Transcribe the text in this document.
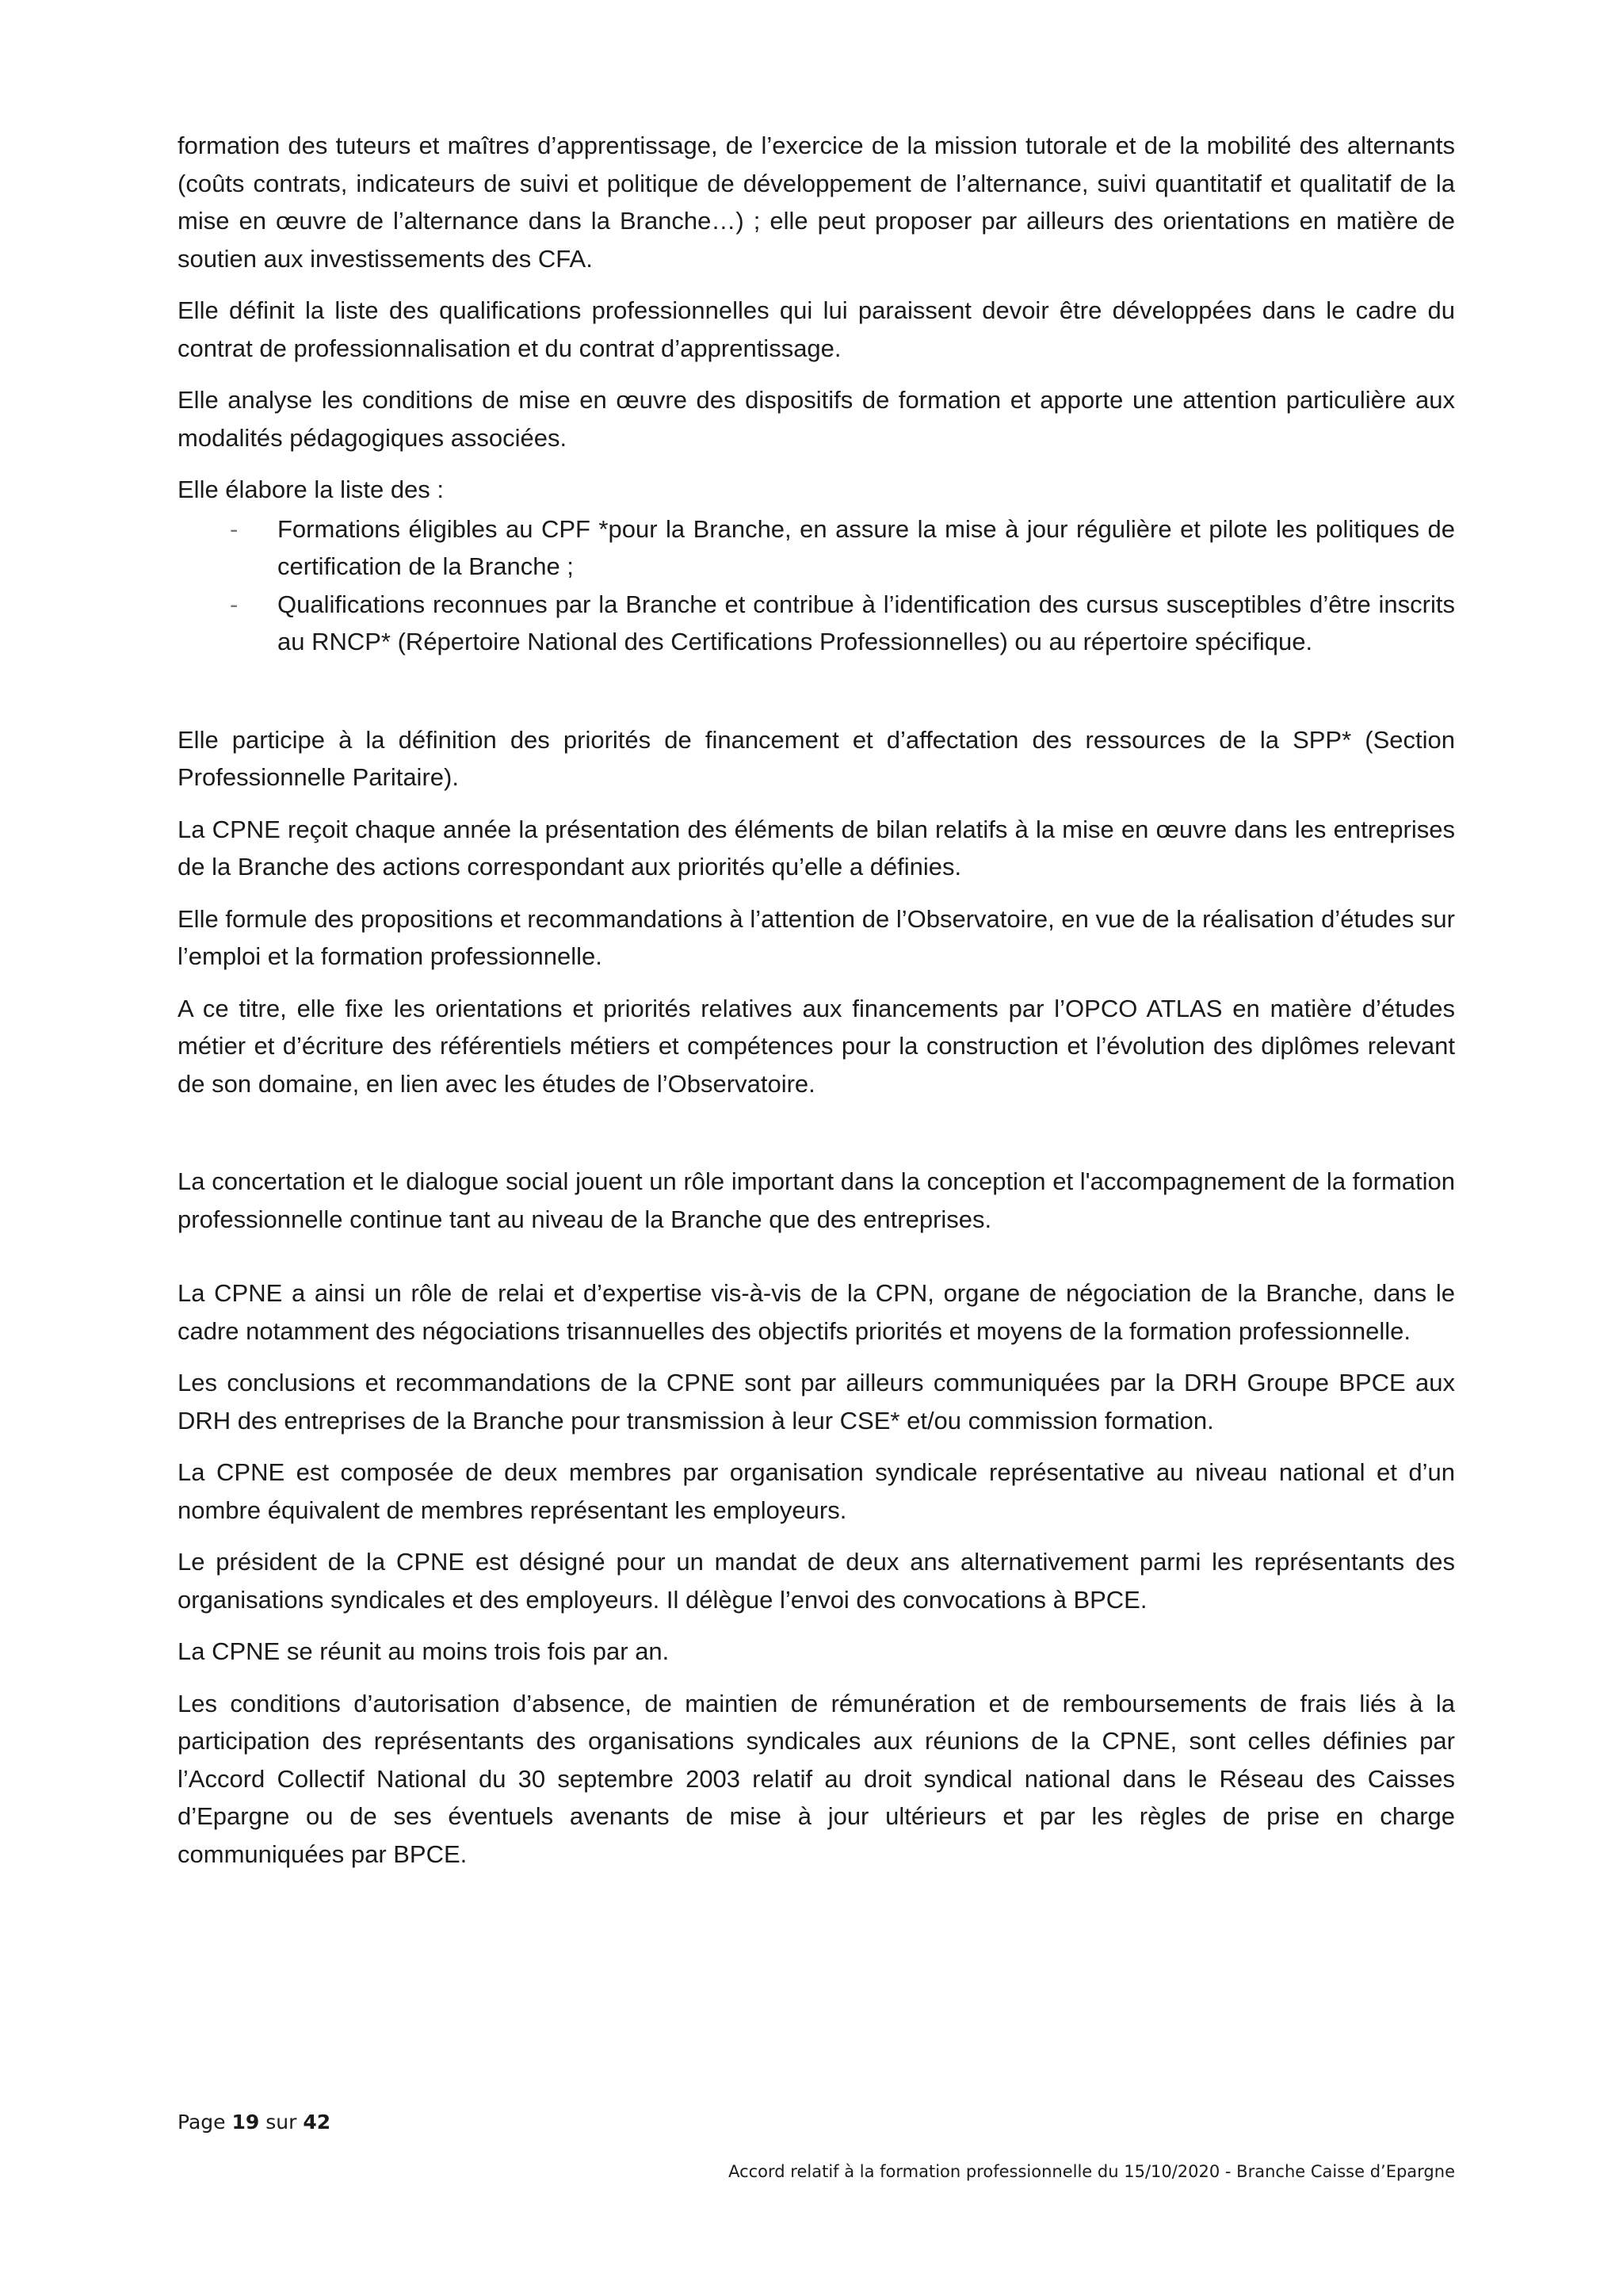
formation des tuteurs et maîtres d’apprentissage, de l’exercice de la mission tutorale et de la mobilité des alternants (coûts contrats, indicateurs de suivi et politique de développement de l’alternance, suivi quantitatif et qualitatif de la mise en œuvre de l’alternance dans la Branche…) ; elle peut proposer par ailleurs des orientations en matière de soutien aux investissements des CFA.

Elle définit la liste des qualifications professionnelles qui lui paraissent devoir être développées dans le cadre du contrat de professionnalisation et du contrat d’apprentissage.

Elle analyse les conditions de mise en œuvre des dispositifs de formation et apporte une attention particulière aux modalités pédagogiques associées.

Elle élabore la liste des :

- Formations éligibles au CPF *pour la Branche, en assure la mise à jour régulière et pilote les politiques de certification de la Branche ;
- Qualifications reconnues par la Branche et contribue à l’identification des cursus susceptibles d’être inscrits au RNCP* (Répertoire National des Certifications Professionnelles) ou au répertoire spécifique.

Elle participe à la définition des priorités de financement et d’affectation des ressources de la SPP* (Section Professionnelle Paritaire).

La CPNE reçoit chaque année la présentation des éléments de bilan relatifs à la mise en œuvre dans les entreprises de la Branche des actions correspondant aux priorités qu’elle a définies.

Elle formule des propositions et recommandations à l’attention de l’Observatoire, en vue de la réalisation d’études sur l’emploi et la formation professionnelle.

A ce titre, elle fixe les orientations et priorités relatives aux financements par l’OPCO ATLAS en matière d’études métier et d’écriture des référentiels métiers et compétences pour la construction et l’évolution des diplômes relevant de son domaine, en lien avec les études de l’Observatoire.

La concertation et le dialogue social jouent un rôle important dans la conception et l'accompagnement de la formation professionnelle continue tant au niveau de la Branche que des entreprises.

La CPNE a ainsi un rôle de relai et d’expertise vis-à-vis de la CPN, organe de négociation de la Branche, dans le cadre notamment des négociations trisannuelles des objectifs priorités et moyens de la formation professionnelle.

Les conclusions et recommandations de la CPNE sont par ailleurs communiquées par la DRH Groupe BPCE aux DRH des entreprises de la Branche pour transmission à leur CSE* et/ou commission formation.

La CPNE est composée de deux membres par organisation syndicale représentative au niveau national et d’un nombre équivalent de membres représentant les employeurs.

Le président de la CPNE est désigné pour un mandat de deux ans alternativement parmi les représentants des organisations syndicales et des employeurs. Il délègue l’envoi des convocations à BPCE.

La CPNE se réunit au moins trois fois par an.

Les conditions d’autorisation d’absence, de maintien de rémunération et de remboursements de frais liés à la participation des représentants des organisations syndicales aux réunions de la CPNE, sont celles définies par l’Accord Collectif National du 30 septembre 2003 relatif au droit syndical national dans le Réseau des Caisses d’Epargne ou de ses éventuels avenants de mise à jour ultérieurs et par les règles de prise en charge communiquées par BPCE.

Page 19 sur 42
Accord relatif à la formation professionnelle du 15/10/2020 - Branche Caisse d’Epargne
